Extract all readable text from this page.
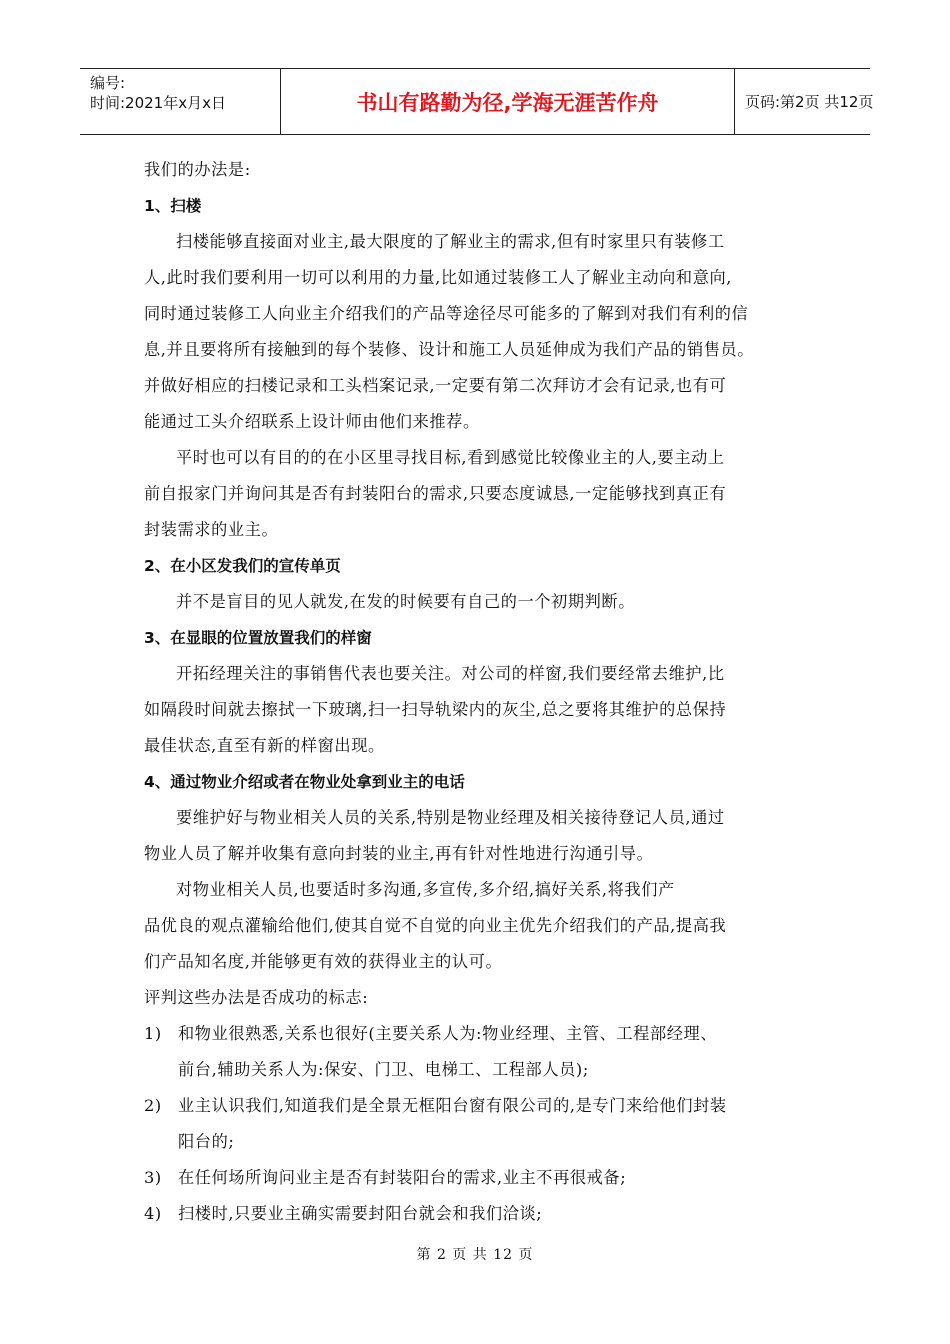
编号:
时间:2021年x月x日	书山有路勤为径,学海无涯苦作舟	页码:第2页 共12页

我们的办法是:

1、扫楼

扫楼能够直接面对业主,最大限度的了解业主的需求,但有时家里只有装修工

人,此时我们要利用一切可以利用的力量,比如通过装修工人了解业主动向和意向,

同时通过装修工人向业主介绍我们的产品等途径尽可能多的了解到对我们有利的信

息,并且要将所有接触到的每个装修、设计和施工人员延伸成为我们产品的销售员。

并做好相应的扫楼记录和工头档案记录,一定要有第二次拜访才会有记录,也有可

能通过工头介绍联系上设计师由他们来推荐。

平时也可以有目的的在小区里寻找目标,看到感觉比较像业主的人,要主动上

前自报家门并询问其是否有封装阳台的需求,只要态度诚恳,一定能够找到真正有

封装需求的业主。

2、在小区发我们的宣传单页

并不是盲目的见人就发,在发的时候要有自己的一个初期判断。

3、在显眼的位置放置我们的样窗

开拓经理关注的事销售代表也要关注。对公司的样窗,我们要经常去维护,比

如隔段时间就去擦拭一下玻璃,扫一扫导轨梁内的灰尘,总之要将其维护的总保持

最佳状态,直至有新的样窗出现。

4、通过物业介绍或者在物业处拿到业主的电话

要维护好与物业相关人员的关系,特别是物业经理及相关接待登记人员,通过

物业人员了解并收集有意向封装的业主,再有针对性地进行沟通引导。

对物业相关人员,也要适时多沟通,多宣传,多介绍,搞好关系,将我们产

品优良的观点灌输给他们,使其自觉不自觉的向业主优先介绍我们的产品,提高我

们产品知名度,并能够更有效的获得业主的认可。

评判这些办法是否成功的标志:

1) 和物业很熟悉,关系也很好(主要关系人为:物业经理、主管、工程部经理、

前台,辅助关系人为:保安、门卫、电梯工、工程部人员);

2) 业主认识我们,知道我们是全景无框阳台窗有限公司的,是专门来给他们封装

阳台的;

3) 在任何场所询问业主是否有封装阳台的需求,业主不再很戒备;
4) 扫楼时,只要业主确实需要封阳台就会和我们洽谈;
第 2 页 共 12 页
